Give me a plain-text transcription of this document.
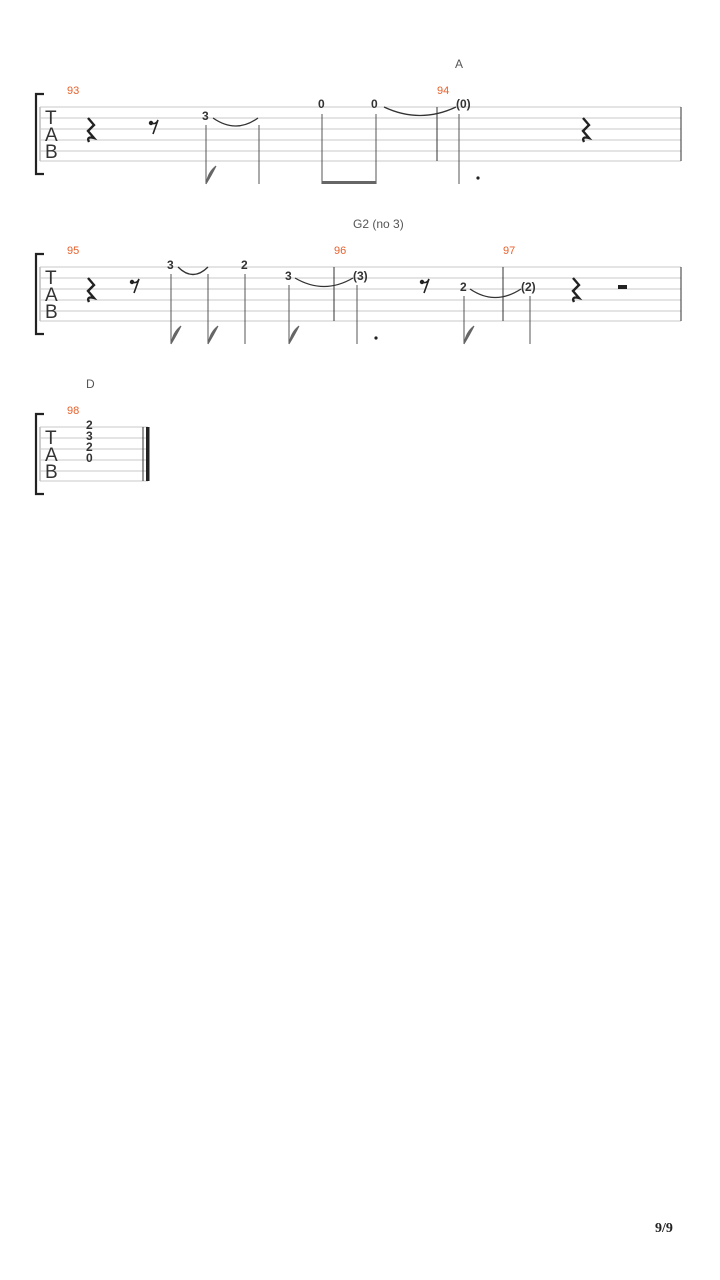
A
93	94
T
A
B
3
0	0	(0)
G2 (no 3)
95	96	97
T
A
B
3	2
3	(3)
2	(2)
D
98
T
A
B
2
3
2
0
9/9
